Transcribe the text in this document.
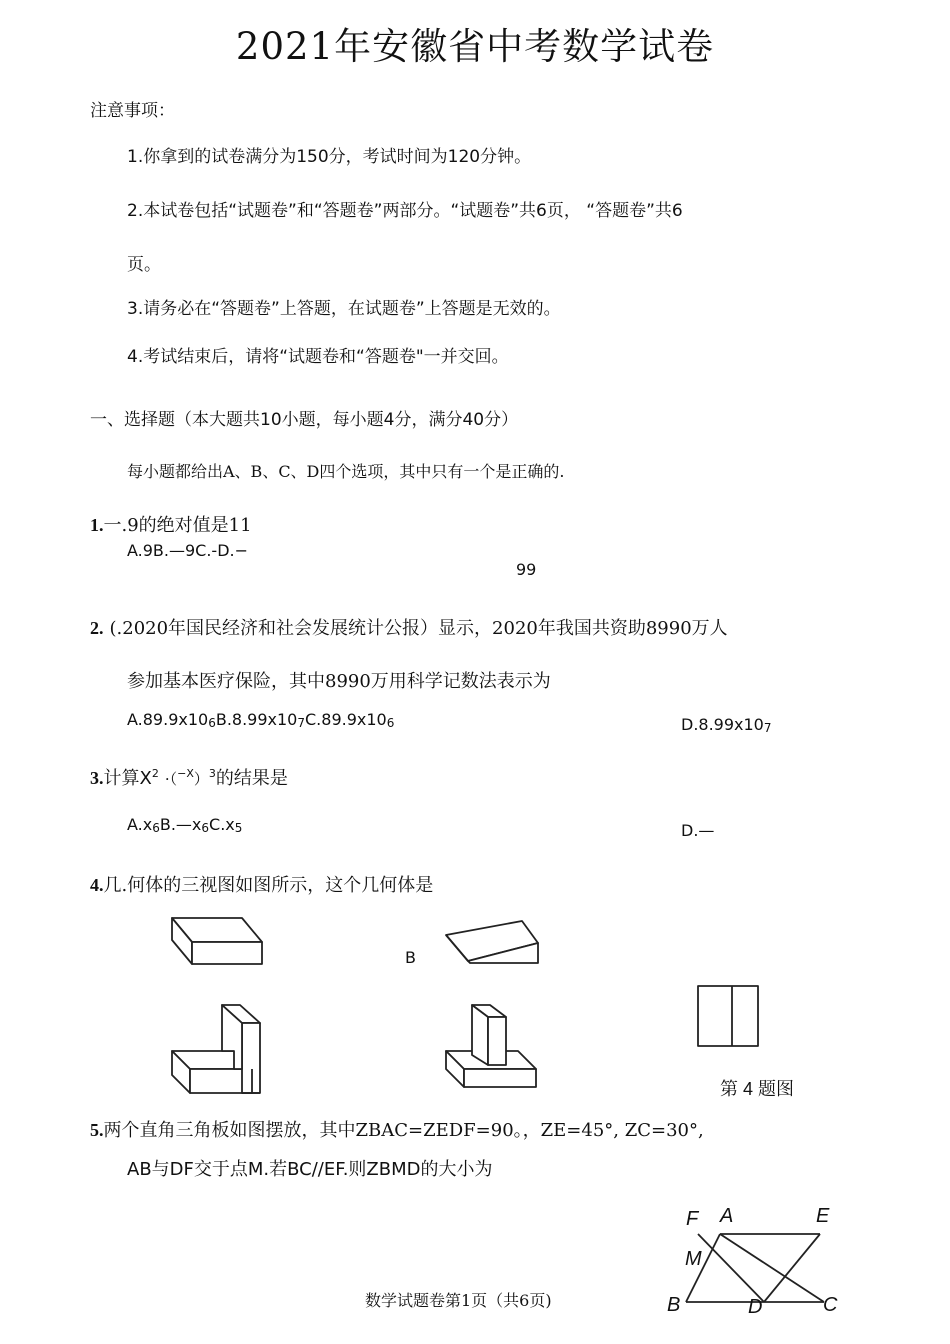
2021年安徽省中考数学试卷
注意事项：
1.你拿到的试卷满分为150分，考试时间为120分钟。
2.本试卷包括“试题卷”和“答题卷”两部分。“试题卷”共6页， “答题卷”共6
页。
3.请务必在“答题卷”上答题，在试题卷”上答题是无效的。
4.考试结束后，请将“试题卷和“答题卷"一并交回。
一、选择题（本大题共10小题，每小题4分，满分40分）
每小题都给出A、B、C、D四个选项，其中只有一个是正确的.
1.一.9的绝对值是11
A.9B.—9C.-D.−
99
2. (.2020年国民经济和社会发展统计公报）显示，2020年我国共资助8990万人
参加基本医疗保险，其中8990万用科学记数法表示为
A.89.9x106B.8.99x107C.89.9x106	D.8.99x107
3.计算$X^2 \cdot(^{-X})^3$的结果是
A.x6B.—x6C.x5	D.—
4.几.何体的三视图如图所示，这个几何体是
B
第 4 题图
5.两个直角三角板如图摆放，其中ZBAC=ZEDF=90。，ZE=45°, ZC=30°,
AB与DF交于点M.若BC//EF.则ZBMD的大小为
F A	E
M
B	D	C
数学试题卷第1页（共6页)
